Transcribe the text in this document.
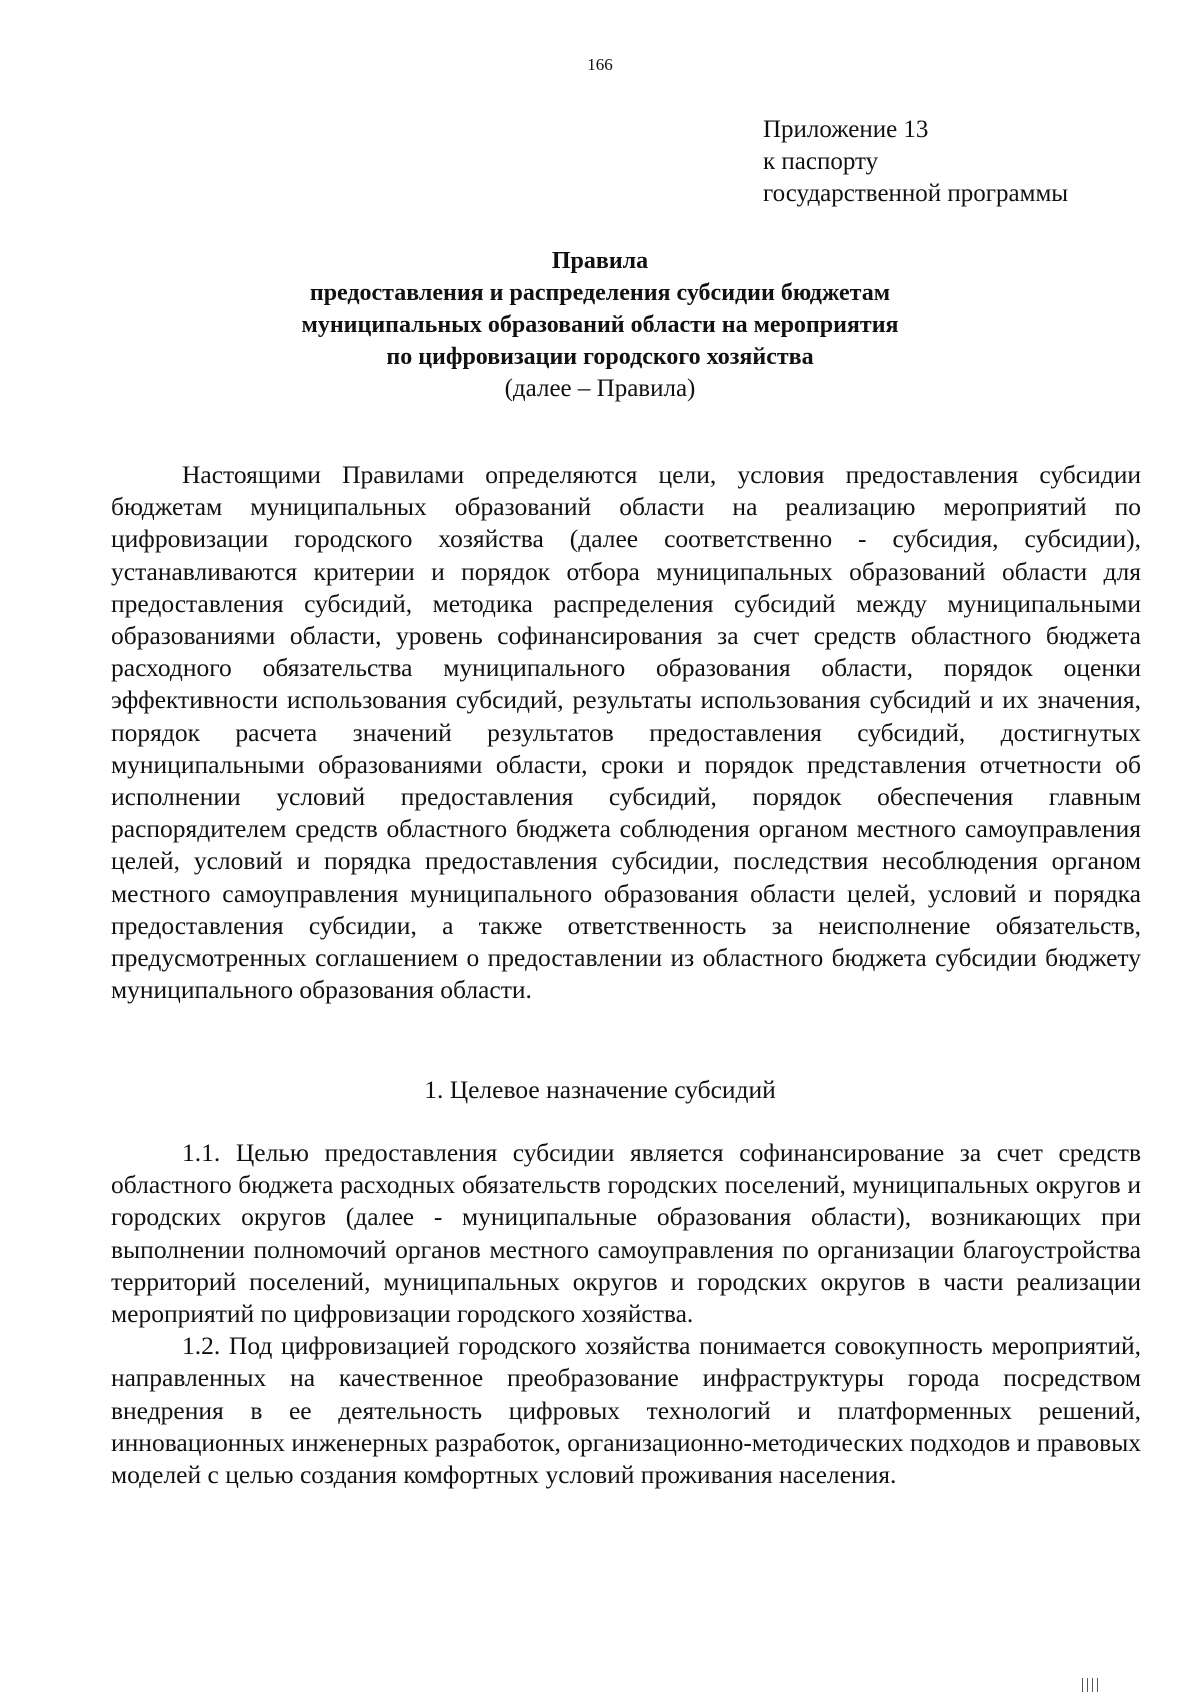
166
Приложение 13
к паспорту
государственной программы
Правила
предоставления и распределения субсидии бюджетам
муниципальных образований области на мероприятия
по цифровизации городского хозяйства
(далее – Правила)

Настоящими Правилами определяются цели, условия предоставления субсидии бюджетам муниципальных образований области на реализацию мероприятий по цифровизации городского хозяйства (далее соответственно - субсидия, субсидии), устанавливаются критерии и порядок отбора муниципальных образований области для предоставления субсидий, методика распределения субсидий между муниципальными образованиями области, уровень софинансирования за счет средств областного бюджета расходного обязательства муниципального образования области, порядок оценки эффективности использования субсидий, результаты использования субсидий и их значения, порядок расчета значений результатов предоставления субсидий, достигнутых муниципальными образованиями области, сроки и порядок представления отчетности об исполнении условий предоставления субсидий, порядок обеспечения главным распорядителем средств областного бюджета соблюдения органом местного самоуправления целей, условий и порядка предоставления субсидии, последствия несоблюдения органом местного самоуправления муниципального образования области целей, условий и порядка предоставления субсидии, а также ответственность за неисполнение обязательств, предусмотренных соглашением о предоставлении из областного бюджета субсидии бюджету муниципального образования области.

1. Целевое назначение субсидий

1.1. Целью предоставления субсидии является софинансирование за счет средств областного бюджета расходных обязательств городских поселений, муниципальных округов и городских округов (далее - муниципальные образования области), возникающих при выполнении полномочий органов местного самоуправления по организации благоустройства территорий поселений, муниципальных округов и городских округов в части реализации мероприятий по цифровизации городского хозяйства.

1.2. Под цифровизацией городского хозяйства понимается совокупность мероприятий, направленных на качественное преобразование инфраструктуры города посредством внедрения в ее деятельность цифровых технологий и платформенных решений, инновационных инженерных разработок, организационно-методических подходов и правовых моделей с целью создания комфортных условий проживания населения.
